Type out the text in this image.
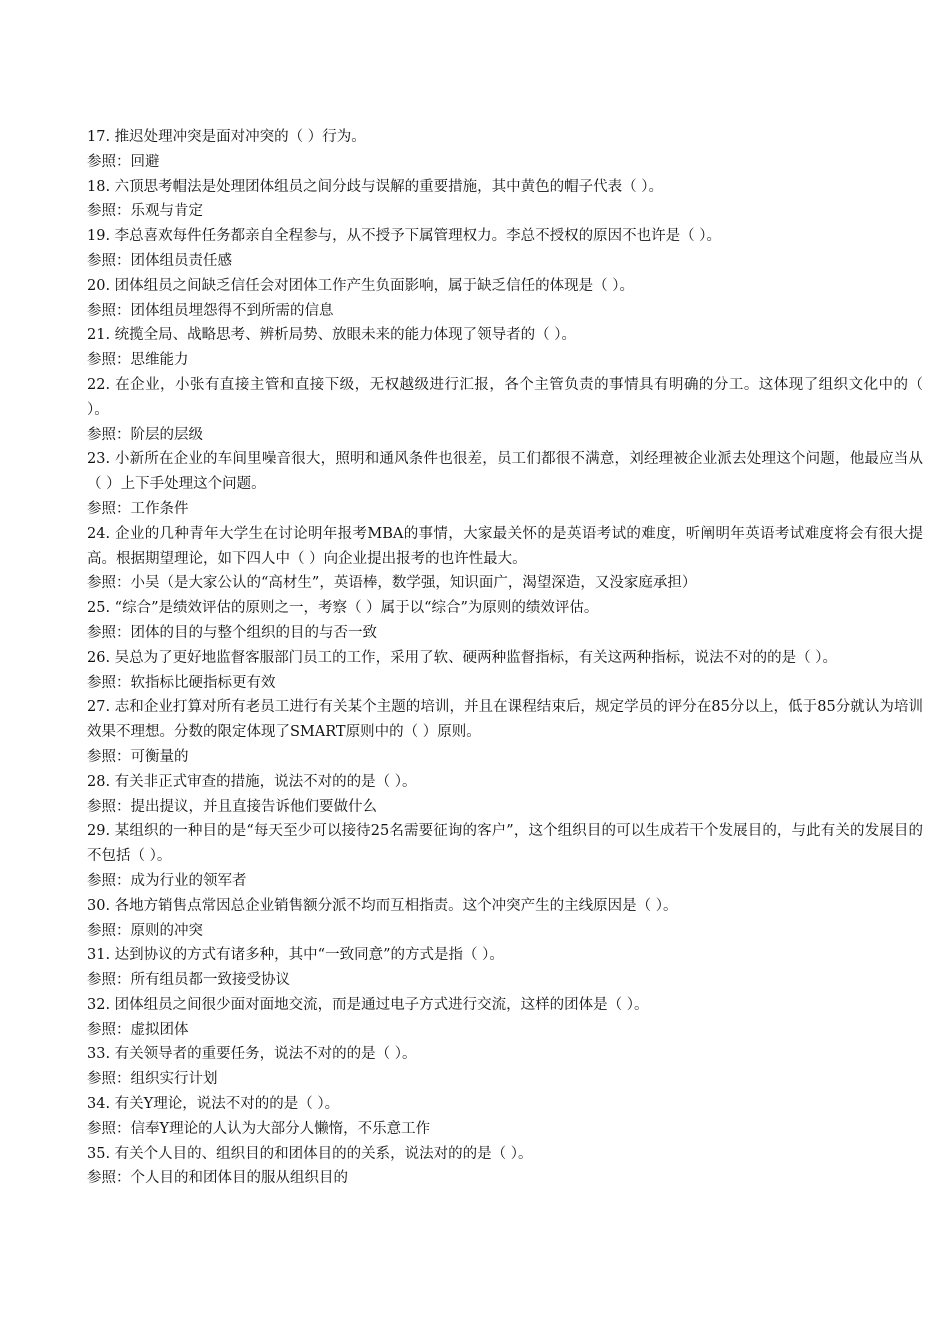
17. 推迟处理冲突是面对冲突的（ ）行为。
参照：回避
18. 六顶思考帽法是处理团体组员之间分歧与误解的重要措施，其中黄色的帽子代表（ ）。
参照：乐观与肯定
19. 李总喜欢每件任务都亲自全程参与，从不授予下属管理权力。李总不授权的原因不也许是（ ）。
参照：团体组员责任感
20. 团体组员之间缺乏信任会对团体工作产生负面影响，属于缺乏信任的体现是（ ）。
参照：团体组员埋怨得不到所需的信息
21. 统揽全局、战略思考、辨析局势、放眼未来的能力体现了领导者的（ ）。
参照：思维能力
22. 在企业，小张有直接主管和直接下级，无权越级进行汇报，各个主管负责的事情具有明确的分工。这体现了组织文化中的（ ）。
参照：阶层的层级
23. 小新所在企业的车间里噪音很大，照明和通风条件也很差，员工们都很不满意，刘经理被企业派去处理这个问题，他最应当从（ ）上下手处理这个问题。
参照：工作条件
24. 企业的几种青年大学生在讨论明年报考MBA的事情，大家最关怀的是英语考试的难度，听阐明年英语考试难度将会有很大提高。根据期望理论，如下四人中（ ）向企业提出报考的也许性最大。
参照：小吴（是大家公认的“高材生”，英语棒，数学强，知识面广，渴望深造，又没家庭承担）
25. “综合”是绩效评估的原则之一，考察（ ）属于以“综合”为原则的绩效评估。
参照：团体的目的与整个组织的目的与否一致
26. 吴总为了更好地监督客服部门员工的工作，采用了软、硬两种监督指标，有关这两种指标，说法不对的的是（ ）。
参照：软指标比硬指标更有效
27. 志和企业打算对所有老员工进行有关某个主题的培训，并且在课程结束后，规定学员的评分在85分以上，低于85分就认为培训效果不理想。分数的限定体现了SMART原则中的（ ）原则。
参照：可衡量的
28. 有关非正式审查的措施，说法不对的的是（ ）。
参照：提出提议，并且直接告诉他们要做什么
29. 某组织的一种目的是“每天至少可以接待25名需要征询的客户”，这个组织目的可以生成若干个发展目的，与此有关的发展目的不包括（ ）。
参照：成为行业的领军者
30. 各地方销售点常因总企业销售额分派不均而互相指责。这个冲突产生的主线原因是（ ）。
参照：原则的冲突
31. 达到协议的方式有诸多种，其中“一致同意”的方式是指（ ）。
参照：所有组员都一致接受协议
32. 团体组员之间很少面对面地交流，而是通过电子方式进行交流，这样的团体是（ ）。
参照：虚拟团体
33. 有关领导者的重要任务，说法不对的的是（ ）。
参照：组织实行计划
34. 有关Y理论，说法不对的的是（ ）。
参照：信奉Y理论的人认为大部分人懒惰，不乐意工作
35. 有关个人目的、组织目的和团体目的的关系，说法对的的是（ ）。
参照：个人目的和团体目的服从组织目的
